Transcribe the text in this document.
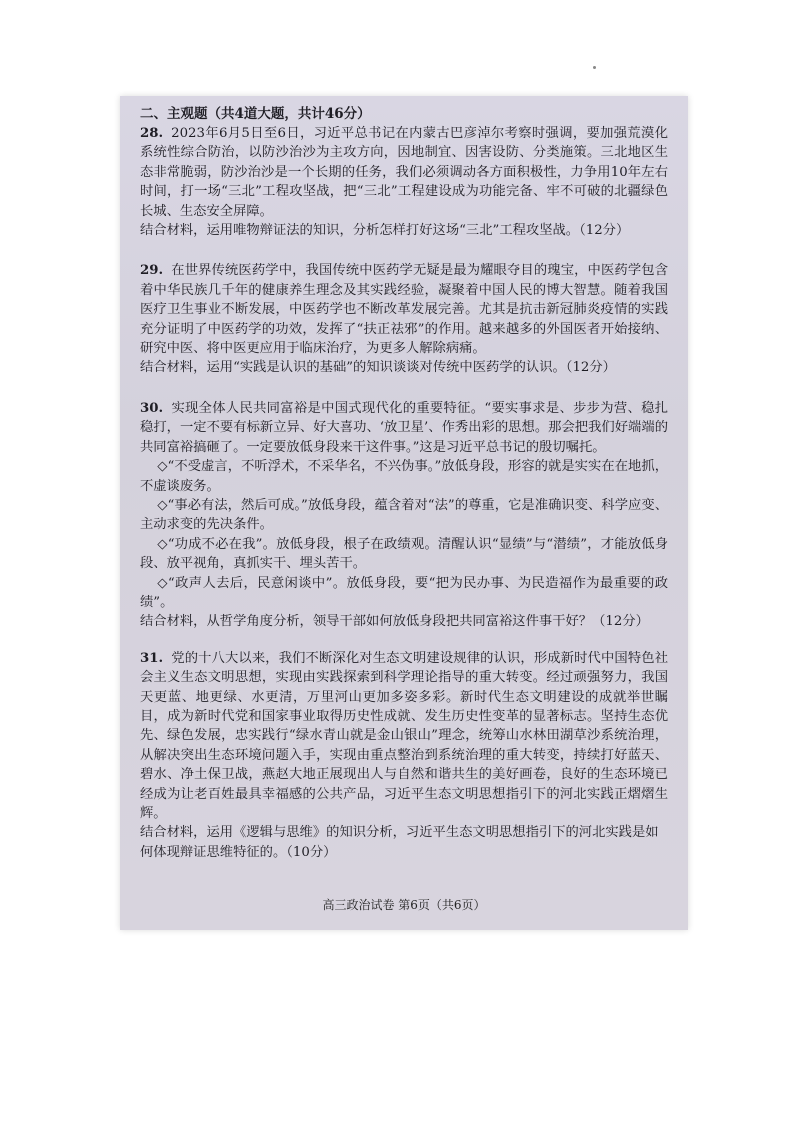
二、主观题（共4道大题，共计46分）

28. 2023年6月5日至6日，习近平总书记在内蒙古巴彦淖尔考察时强调，要加强荒漠化系统性综合防治，以防沙治沙为主攻方向，因地制宜、因害设防、分类施策。三北地区生态非常脆弱，防沙治沙是一个长期的任务，我们必须调动各方面积极性，力争用10年左右时间，打一场“三北”工程攻坚战，把“三北”工程建设成为功能完备、牢不可破的北疆绿色长城、生态安全屏障。

结合材料，运用唯物辩证法的知识，分析怎样打好这场“三北”工程攻坚战。（12分）

29. 在世界传统医药学中，我国传统中医药学无疑是最为耀眼夺目的瑰宝，中医药学包含着中华民族几千年的健康养生理念及其实践经验，凝聚着中国人民的博大智慧。随着我国医疗卫生事业不断发展，中医药学也不断改革发展完善。尤其是抗击新冠肺炎疫情的实践充分证明了中医药学的功效，发挥了“扶正祛邪”的作用。越来越多的外国医者开始接纳、研究中医、将中医更应用于临床治疗，为更多人解除病痛。

结合材料，运用“实践是认识的基础”的知识谈谈对传统中医药学的认识。（12分）

30. 实现全体人民共同富裕是中国式现代化的重要特征。“要实事求是、步步为营、稳扎稳打，一定不要有标新立异、好大喜功、‘放卫星’、作秀出彩的思想。那会把我们好端端的共同富裕搞砸了。一定要放低身段来干这件事。”这是习近平总书记的殷切嘱托。

◇“不受虚言，不听浮术，不采华名，不兴伪事。”放低身段，形容的就是实实在在地抓，不虚谈废务。

◇“事必有法，然后可成。”放低身段，蕴含着对“法”的尊重，它是准确识变、科学应变、主动求变的先决条件。

◇“功成不必在我”。放低身段，根子在政绩观。清醒认识“显绩”与“潜绩”，才能放低身段、放平视角，真抓实干、埋头苦干。

◇“政声人去后，民意闲谈中”。放低身段，要“把为民办事、为民造福作为最重要的政绩”。

结合材料，从哲学角度分析，领导干部如何放低身段把共同富裕这件事干好？（12分）

31. 党的十八大以来，我们不断深化对生态文明建设规律的认识，形成新时代中国特色社会主义生态文明思想，实现由实践探索到科学理论指导的重大转变。经过顽强努力，我国天更蓝、地更绿、水更清，万里河山更加多姿多彩。新时代生态文明建设的成就举世瞩目，成为新时代党和国家事业取得历史性成就、发生历史性变革的显著标志。坚持生态优先、绿色发展，忠实践行“绿水青山就是金山银山”理念，统筹山水林田湖草沙系统治理，从解决突出生态环境问题入手，实现由重点整治到系统治理的重大转变，持续打好蓝天、碧水、净土保卫战，燕赵大地正展现出人与自然和谐共生的美好画卷，良好的生态环境已经成为让老百姓最具幸福感的公共产品，习近平生态文明思想指引下的河北实践正熠熠生辉。

结合材料，运用《逻辑与思维》的知识分析，习近平生态文明思想指引下的河北实践是如何体现辩证思维特征的。（10分）

高三政治试卷 第6页（共6页）
